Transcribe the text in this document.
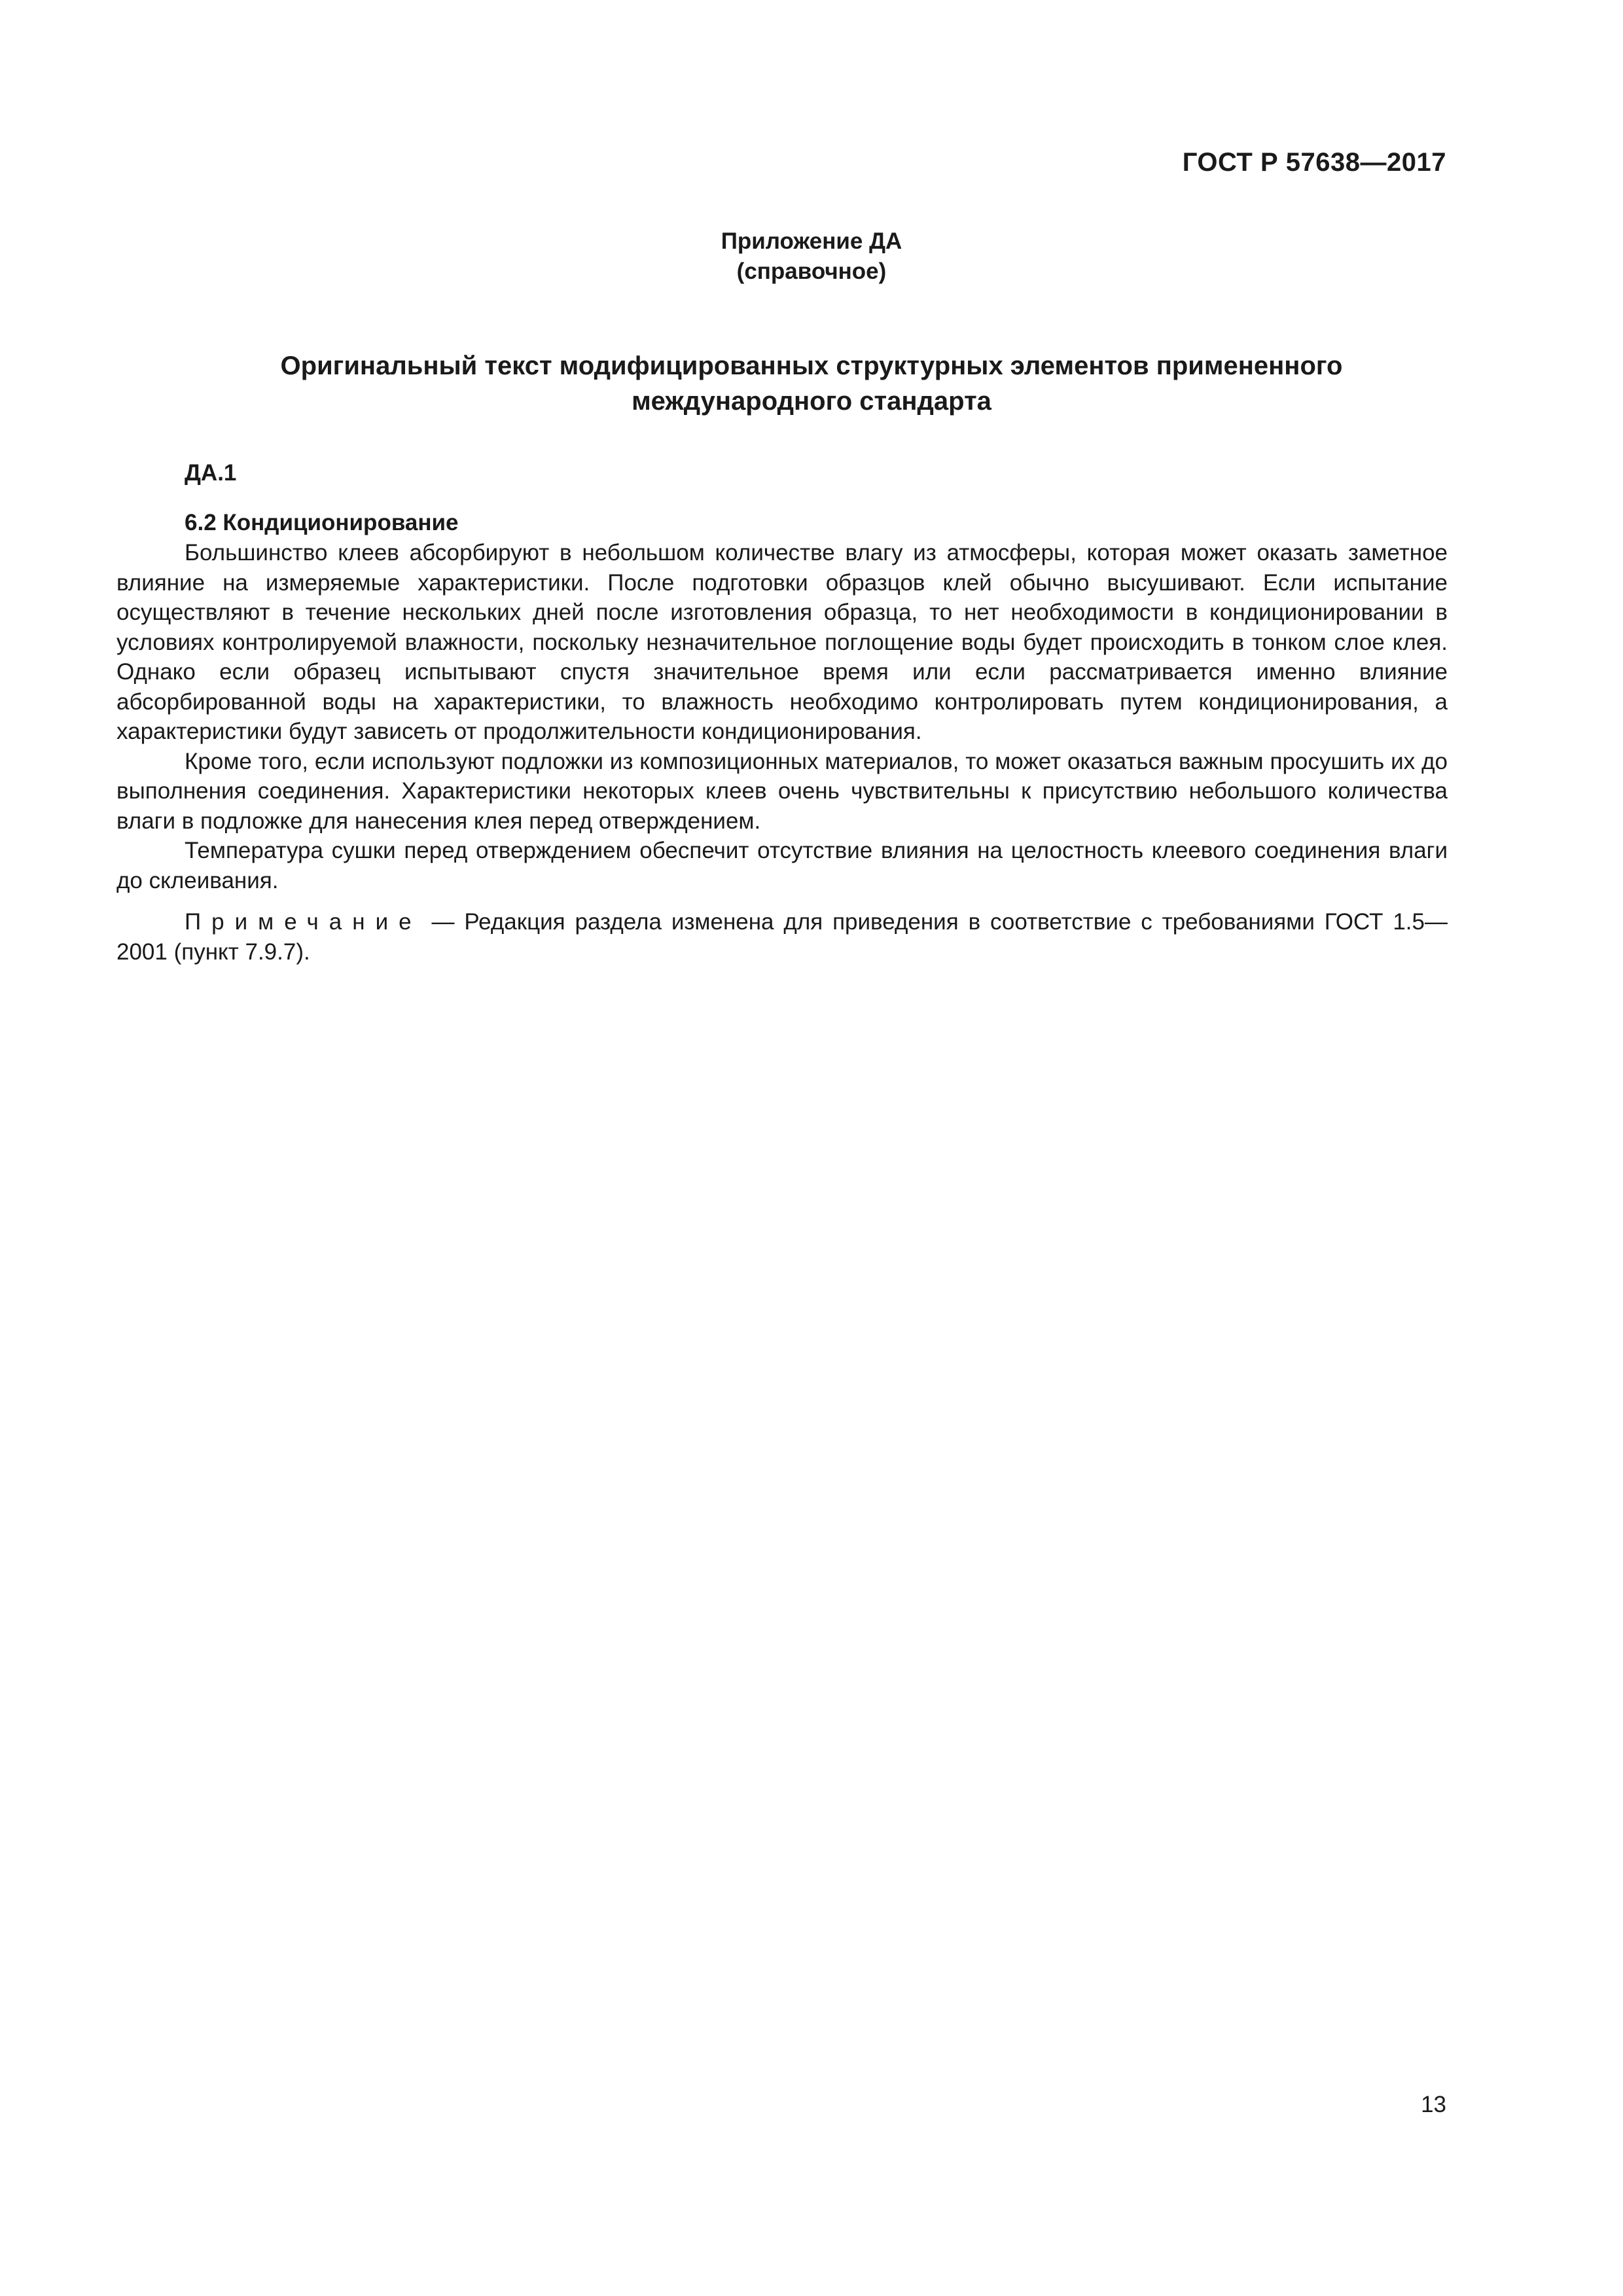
ГОСТ Р 57638—2017
Приложение ДА
(справочное)
Оригинальный текст модифицированных структурных элементов примененного международного стандарта
ДА.1
6.2 Кондиционирование

Большинство клеев абсорбируют в небольшом количестве влагу из атмосферы, которая может оказать заметное влияние на измеряемые характеристики. После подготовки образцов клей обычно высушивают. Если испытание осуществляют в течение нескольких дней после изготовления образца, то нет необходимости в кондиционировании в условиях контролируемой влажности, поскольку незначительное поглощение воды будет происходить в тонком слое клея. Однако если образец испытывают спустя значительное время или если рассматривается именно влияние абсорбированной воды на характеристики, то влажность необходимо контролировать путем кондиционирования, а характеристики будут зависеть от продолжительности кондиционирования.

Кроме того, если используют подложки из композиционных материалов, то может оказаться важным просушить их до выполнения соединения. Характеристики некоторых клеев очень чувствительны к присутствию небольшого количества влаги в подложке для нанесения клея перед отверждением.

Температура сушки перед отверждением обеспечит отсутствие влияния на целостность клеевого соединения влаги до склеивания.

Примечание — Редакция раздела изменена для приведения в соответствие с требованиями ГОСТ 1.5—2001 (пункт 7.9.7).

13
